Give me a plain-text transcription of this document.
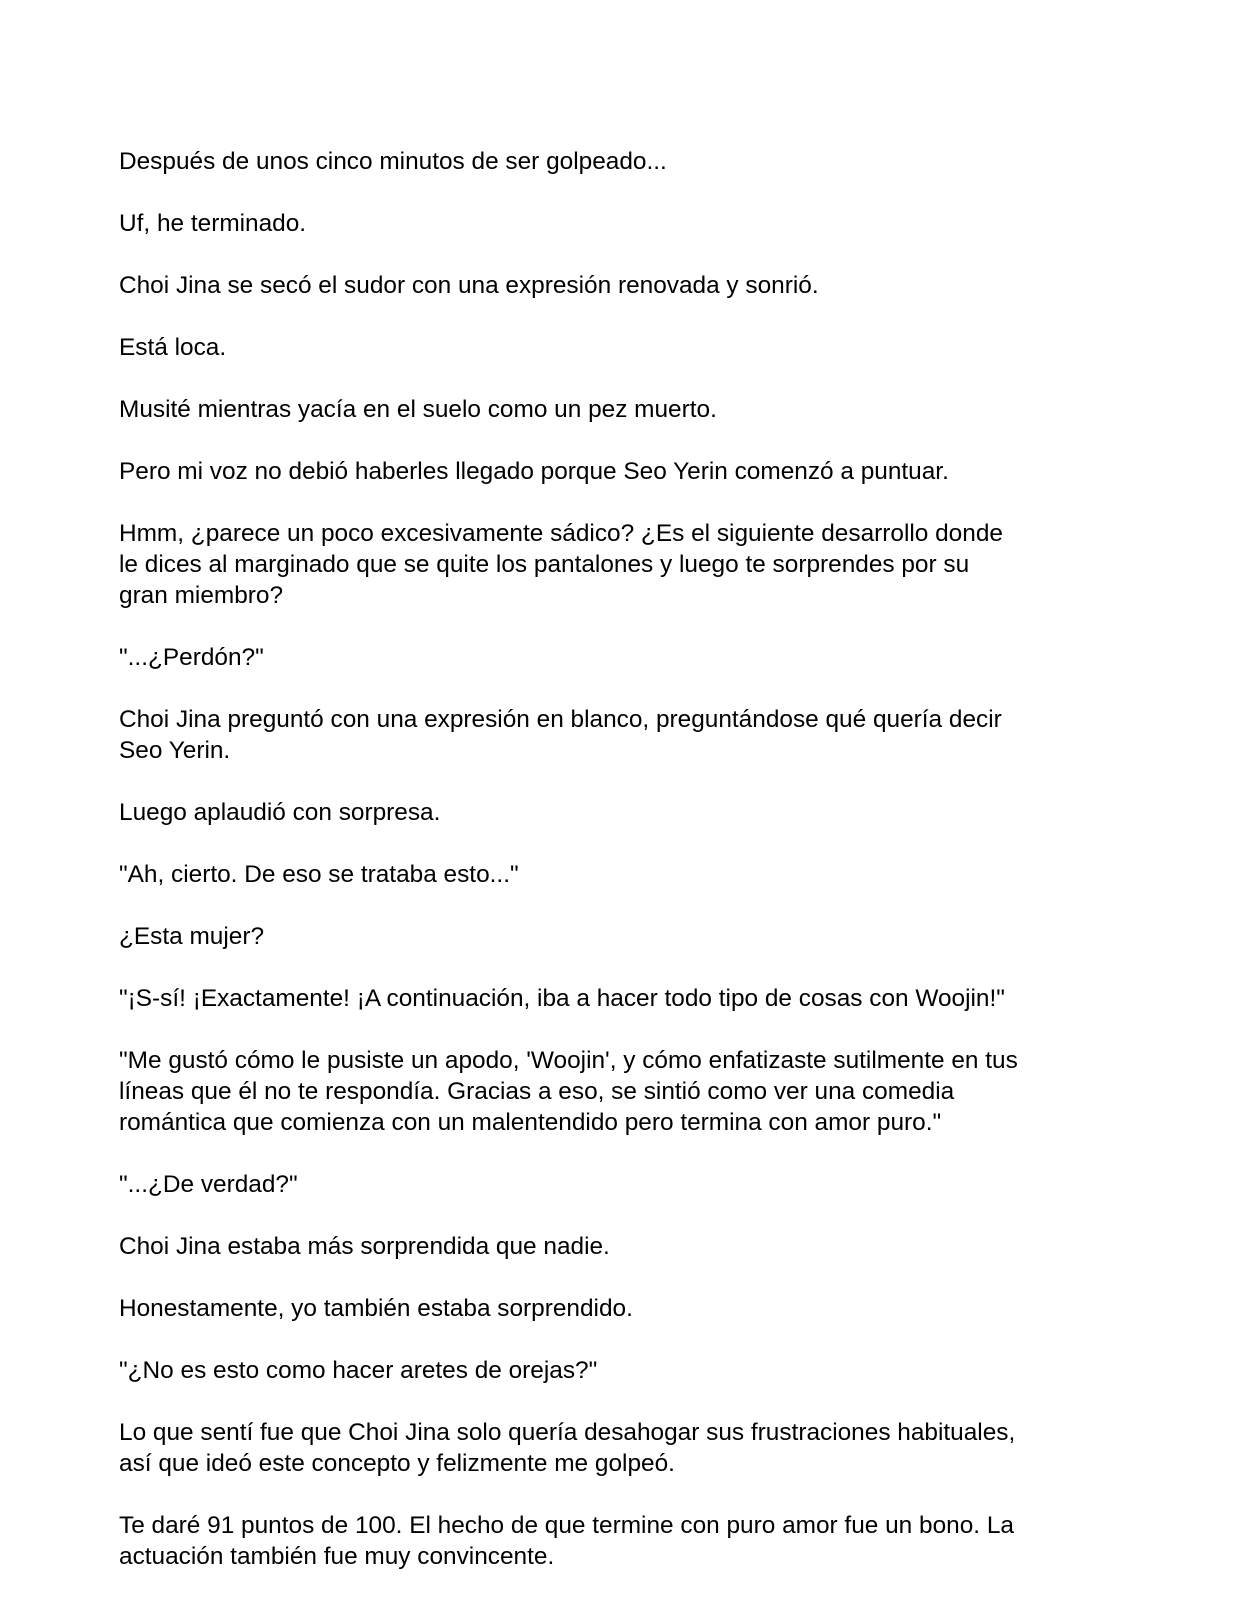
Después de unos cinco minutos de ser golpeado...

Uf, he terminado.

Choi Jina se secó el sudor con una expresión renovada y sonrió.

Está loca.

Musité mientras yacía en el suelo como un pez muerto.

Pero mi voz no debió haberles llegado porque Seo Yerin comenzó a puntuar.

Hmm, ¿parece un poco excesivamente sádico? ¿Es el siguiente desarrollo donde
le dices al marginado que se quite los pantalones y luego te sorprendes por su
gran miembro?

"...¿Perdón?"

Choi Jina preguntó con una expresión en blanco, preguntándose qué quería decir
Seo Yerin.

Luego aplaudió con sorpresa.

"Ah, cierto. De eso se trataba esto..."

¿Esta mujer?

"¡S-sí! ¡Exactamente! ¡A continuación, iba a hacer todo tipo de cosas con Woojin!"

"Me gustó cómo le pusiste un apodo, 'Woojin', y cómo enfatizaste sutilmente en tus
líneas que él no te respondía. Gracias a eso, se sintió como ver una comedia
romántica que comienza con un malentendido pero termina con amor puro."

"...¿De verdad?"

Choi Jina estaba más sorprendida que nadie.

Honestamente, yo también estaba sorprendido.

"¿No es esto como hacer aretes de orejas?"

Lo que sentí fue que Choi Jina solo quería desahogar sus frustraciones habituales,
así que ideó este concepto y felizmente me golpeó.

Te daré 91 puntos de 100. El hecho de que termine con puro amor fue un bono. La
actuación también fue muy convincente.
